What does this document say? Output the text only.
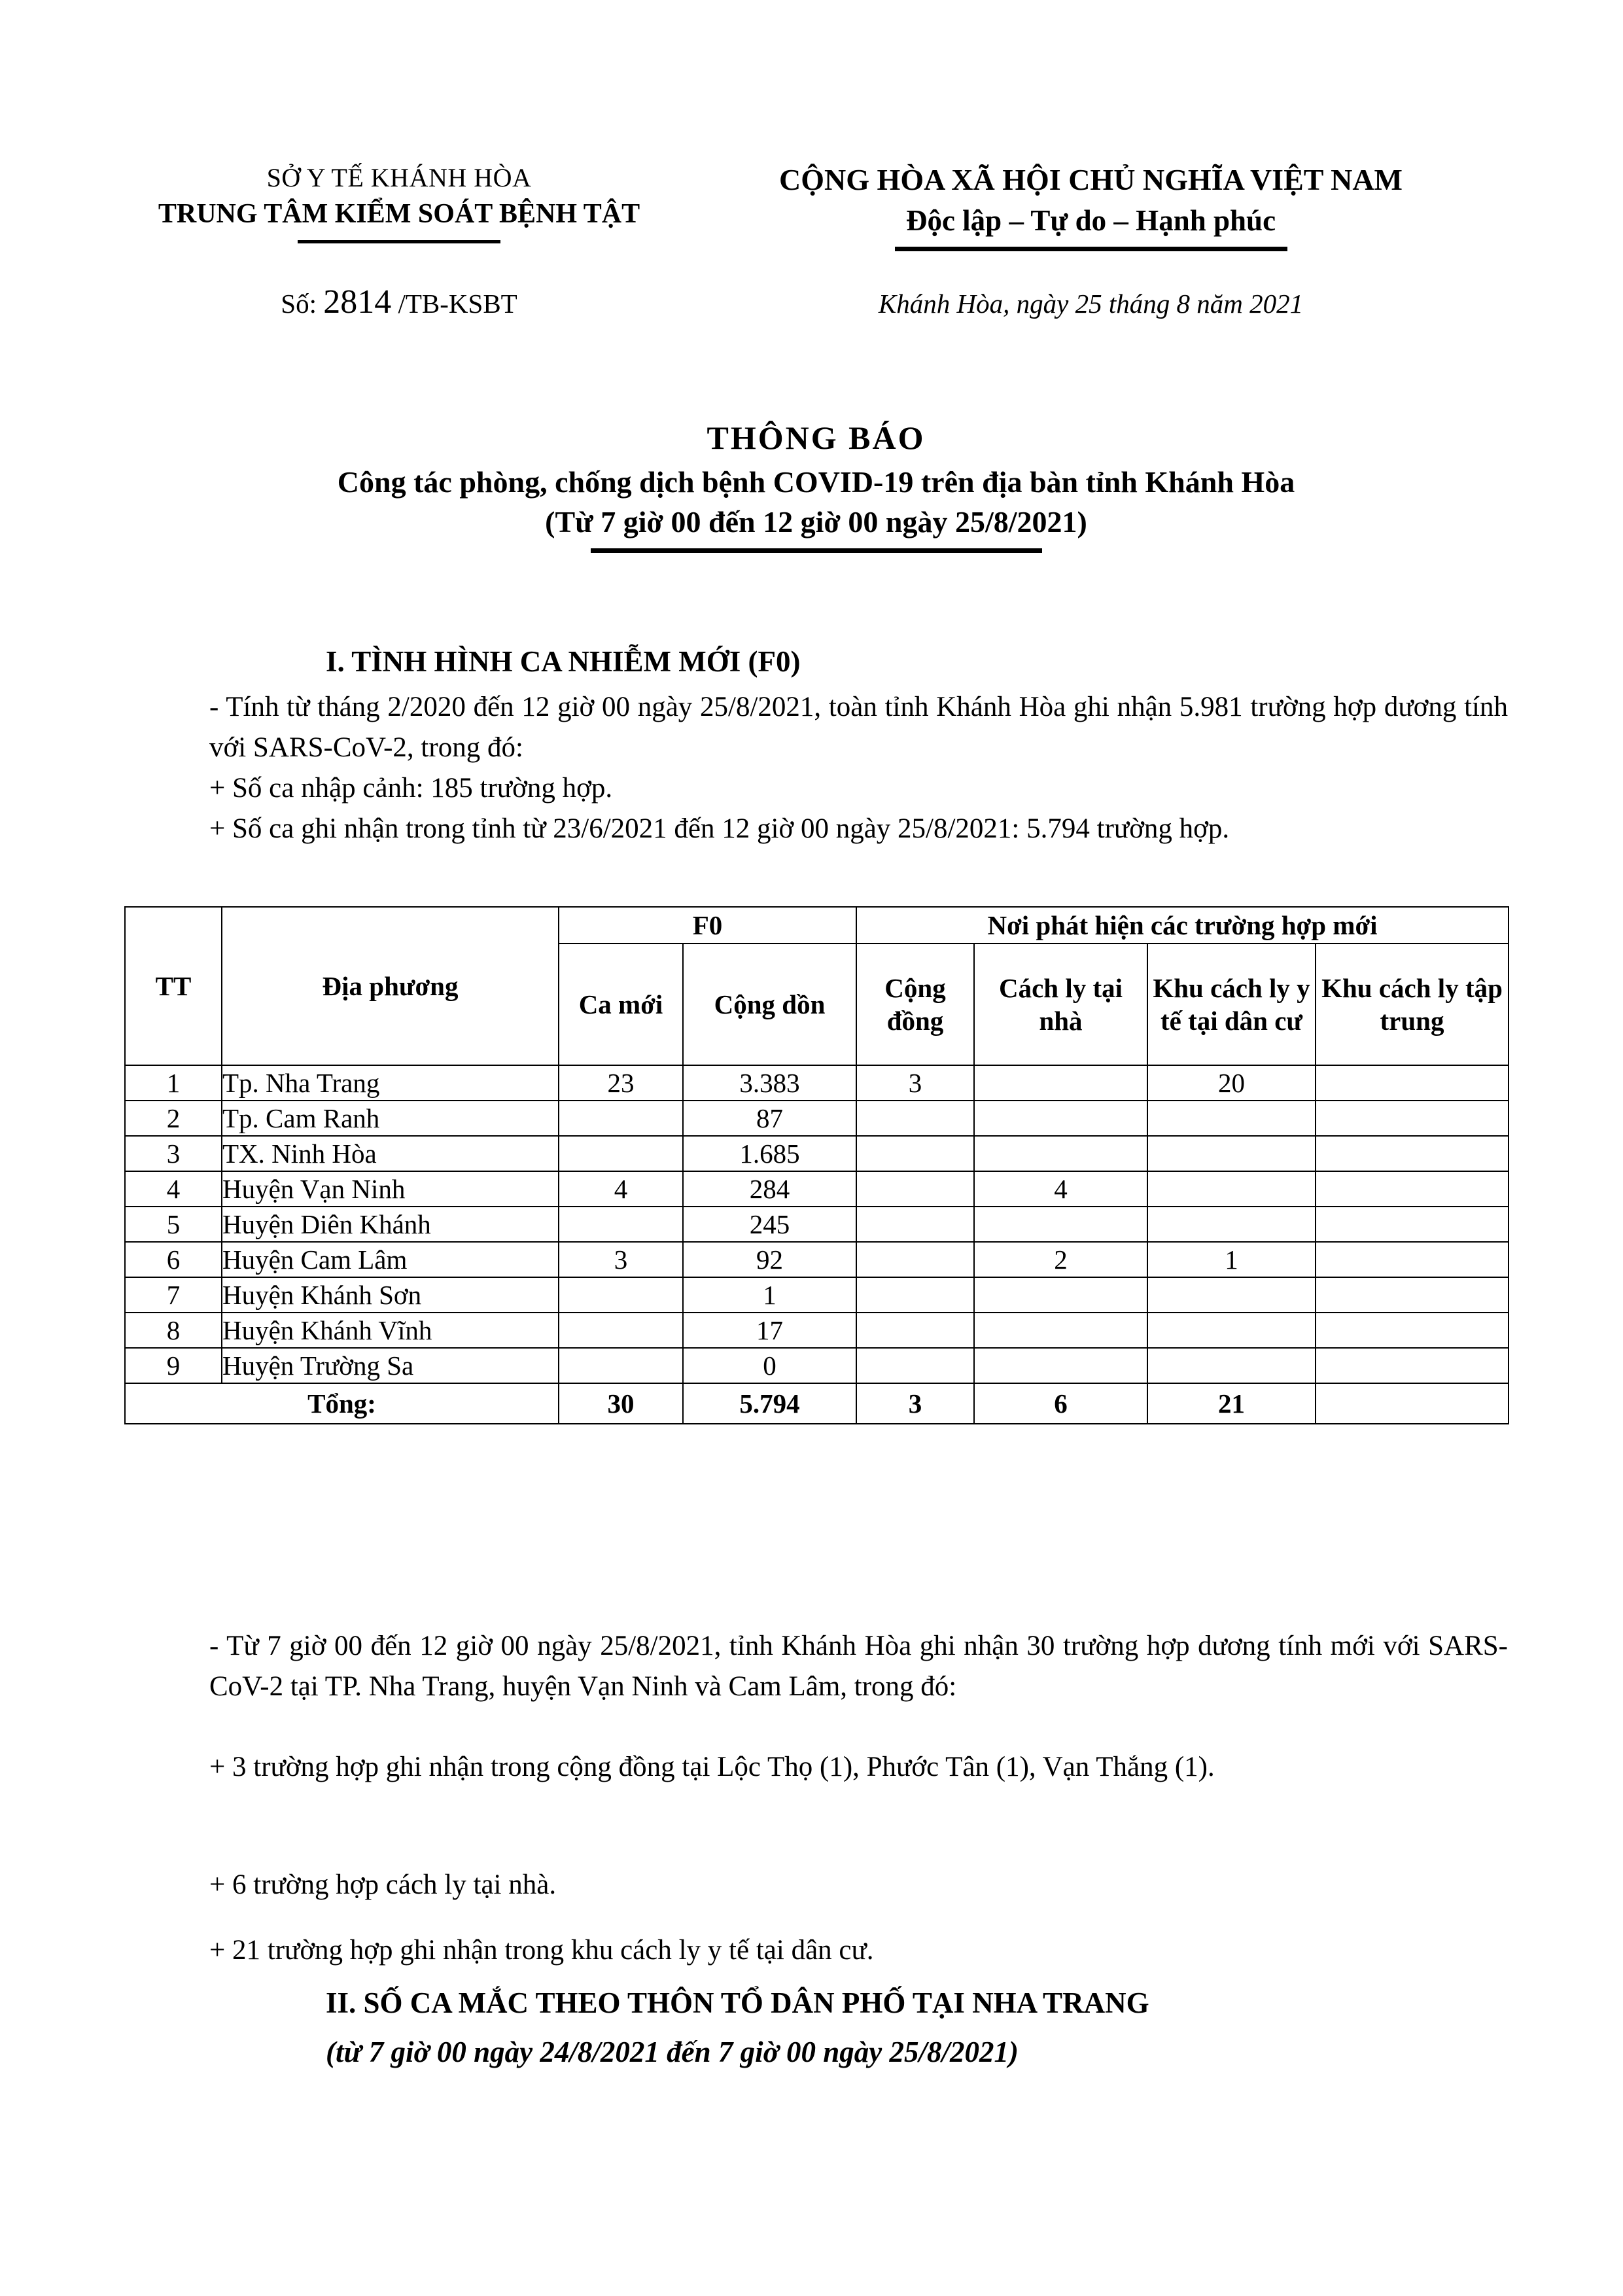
SỞ Y TẾ KHÁNH HÒA
TRUNG TÂM KIỂM SOÁT BỆNH TẬT
CỘNG HÒA XÃ HỘI CHỦ NGHĨA VIỆT NAM
Độc lập – Tự do – Hạnh phúc
Số: 2814 /TB-KSBT	Khánh Hòa, ngày 25 tháng 8 năm 2021
THÔNG BÁO
Công tác phòng, chống dịch bệnh COVID-19 trên địa bàn tỉnh Khánh Hòa
(Từ 7 giờ 00 đến 12 giờ 00 ngày 25/8/2021)
I. TÌNH HÌNH CA NHIỄM MỚI (F0)
- Tính từ tháng 2/2020 đến 12 giờ 00 ngày 25/8/2021, toàn tỉnh Khánh Hòa ghi nhận 5.981 trường hợp dương tính với SARS-CoV-2, trong đó:
+ Số ca nhập cảnh: 185 trường hợp.
+ Số ca ghi nhận trong tỉnh từ 23/6/2021 đến 12 giờ 00 ngày 25/8/2021: 5.794 trường hợp.
TT	Địa phương	F0		Nơi phát hiện các trường hợp mới			
		Ca mới	Cộng dồn	Cộng đồng	Cách ly tại nhà	Khu cách ly y tế tại dân cư	Khu cách ly tập trung
1	Tp. Nha Trang	23	3.383	3		20	
2	Tp. Cam Ranh		87				
3	TX. Ninh Hòa		1.685				
4	Huyện Vạn Ninh	4	284		4		
5	Huyện Diên Khánh		245				
6	Huyện Cam Lâm	3	92		2	1	
7	Huyện Khánh Sơn		1				
8	Huyện Khánh Vĩnh		17				
9	Huyện Trường Sa		0				
Tổng:		30	5.794	3	6	21	
- Từ 7 giờ 00 đến 12 giờ 00 ngày 25/8/2021, tỉnh Khánh Hòa ghi nhận 30 trường hợp dương tính mới với SARS-CoV-2 tại TP. Nha Trang, huyện Vạn Ninh và Cam Lâm, trong đó:
+ 3 trường hợp ghi nhận trong cộng đồng tại Lộc Thọ (1), Phước Tân (1), Vạn Thắng (1).
+ 6 trường hợp cách ly tại nhà.
+ 21 trường hợp ghi nhận trong khu cách ly y tế tại dân cư.
II. SỐ CA MẮC THEO THÔN TỔ DÂN PHỐ TẠI NHA TRANG
(từ 7 giờ 00 ngày 24/8/2021 đến 7 giờ 00 ngày 25/8/2021)
